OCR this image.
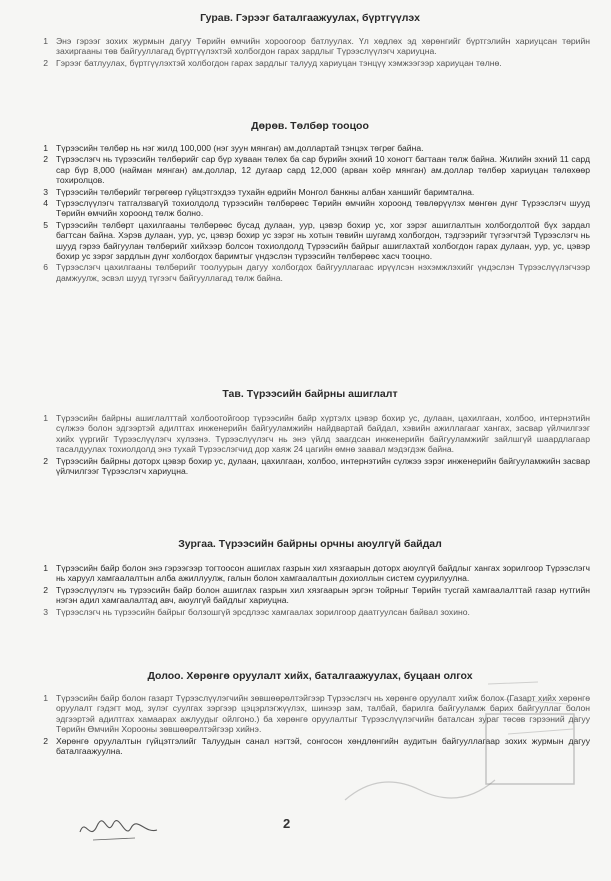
Гурав. Гэрээг баталгаажуулах, бүртгүүлэх
1 Энэ гэрээг зохих журмын дагуу Төрийн өмчийн хороогоор батлуулах. Үл хөдлөх эд хөрөнгийг бүртгэлийн хариуцсан төрийн захиргааны төв байгууллагад бүртгүүлэхтэй холбогдон гарах зардлыг Түрээслүүлэгч хариуцна.
2 Гэрээг батлуулах, бүртгүүлэхтэй холбогдон гарах зардлыг талууд хариуцан тэнцүү хэмжээгээр хариуцан төлнө.
Дөрөв. Төлбөр тооцоо
1 Түрээсийн төлбөр нь нэг жилд 100,000 (нэг зуун мянган) ам.доллартай тэнцэх төгрөг байна.
2 Түрээслэгч нь түрээсийн төлбөрийг сар бүр хуваан төлөх ба сар бүрийн эхний 10 хоногт багтаан төлж байна. Жилийн эхний 11 сард сар бүр 8,000 (найман мянган) ам.доллар, 12 дугаар сард 12,000 (арван хоёр мянган) ам.доллар төлбөр хариуцан төлөхөөр тохиролцов.
3 Түрээсийн төлбөрийг төгрөгөөр гүйцэтгэхдээ тухайн өдрийн Монгол банкны албан ханшийг баримтална.
4 Түрээслүүлэгч татгалзвагүй тохиолдолд түрээсийн төлбөрөөс Төрийн өмчийн хороонд төвлөрүүлэх мөнгөн дүнг Түрээслэгч шууд Төрийн өмчийн хороонд төлж болно.
5 Түрээсийн төлбөрт цахилгааны төлбөрөөс бусад дулаан, уур, цэвэр бохир ус, хог зэрэг ашиглалтын холбогдолтой бүх зардал багтсан байна. Хэрэв дулаан, уур, ус, цэвэр бохир ус зэрэг нь хотын төвийн шугамд холбогдон, тэдгээрийг түгээгчтэй Түрээслэгч нь шууд гэрээ байгуулан төлбөрийг хийхээр болсон тохиолдолд Түрээсийн байрыг ашиглахтай холбогдон гарах дулаан, уур, ус, цэвэр бохир ус зэрэг зардлын дүнг холбогдох баримтыг үндэслэн түрээсийн төлбөрөөс хасч тооцно.
6 Түрээслэгч цахилгааны төлбөрийг тоолуурын дагуу холбогдох байгууллагаас ирүүлсэн нэхэмжлэхийг үндэслэн Түрээслүүлэгчээр дамжуулж, эсвэл шууд түгээгч байгууллагад төлж байна.
Тав. Түрээсийн байрны ашиглалт
1 Түрээсийн байрны ашиглалттай холбоотойгоор түрээсийн байр хүртэлх цэвэр бохир ус, дулаан, цахилгаан, холбоо, интернэтийн сүлжээ болон эдгээртэй адилтгах инженерийн байгууламжийн найдвартай байдал, хэвийн ажиллагааг хангах, засвар үйлчилгээг хийх үүргийг Түрээслүүлэгч хүлээнэ. Түрээслүүлэгч нь энэ үйлд заагдсан инженерийн байгууламжийг зайлшгүй шаардлагаар тасалдуулах тохиолдолд энэ тухай Түрээслэгчид дор хаяж 24 цагийн өмнө заавал мэдэгдэж байна.
2 Түрээсийн байрны доторх цэвэр бохир ус, дулаан, цахилгаан, холбоо, интернэтийн сүлжээ зэрэг инженерийн байгууламжийн засвар үйлчилгээг Түрээслэгч хариуцна.
Зургаа. Түрээсийн байрны орчны аюулгүй байдал
1 Түрээсийн байр болон энэ гэрээгээр тогтоосон ашиглах газрын хил хязгаарын доторх аюулгүй байдлыг хангах зорилгоор Түрээслэгч нь харуул хамгаалалтын алба ажиллуулж, галын болон хамгаалалтын дохиоллын систем суурилуулна.
2 Түрээслүүлэгч нь түрээсийн байр болон ашиглах газрын хил хязгаарын эргэн тойрныг Төрийн тусгай хамгаалалттай газар нутгийн нэгэн адил хамгаалалтад авч, аюулгүй байдлыг хариуцна.
3 Түрээслэгч нь түрээсийн байрыг болзошгүй эрсдлээс хамгаалах зорилгоор даатгуулсан байвал зохино.
Долоо. Хөрөнгө оруулалт хийх, баталгаажуулах, буцаан олгох
1 Түрээсийн байр болон газарт Түрээслүүлэгчийн зөвшөөрөлтэйгээр Түрээслэгч нь хөрөнгө оруулалт хийж болох (Газарт хийх хөрөнгө оруулалт гэдэгт мод, зүлэг суулгах зэргээр цэцэрлэгжүүлэх, шинээр зам, талбай, барилга байгууламж барих байгууллаг болон эдгээртэй адилтгах хамаарах ажлуудыг ойлгоно.) ба хөрөнгө оруулалтыг Түрээслүүлэгчийн баталсан зураг төсөв гэрээний дагуу Төрийн Өмчийн Хорооны зөвшөөрөлтэйгээр хийнэ.
2 Хөрөнгө оруулалтын гүйцэтгэлийг Талуудын санал нэгтэй, сонгосон хөндлөнгийн аудитын байгууллагаар зохих журмын дагуу баталгаажуулна.
2
